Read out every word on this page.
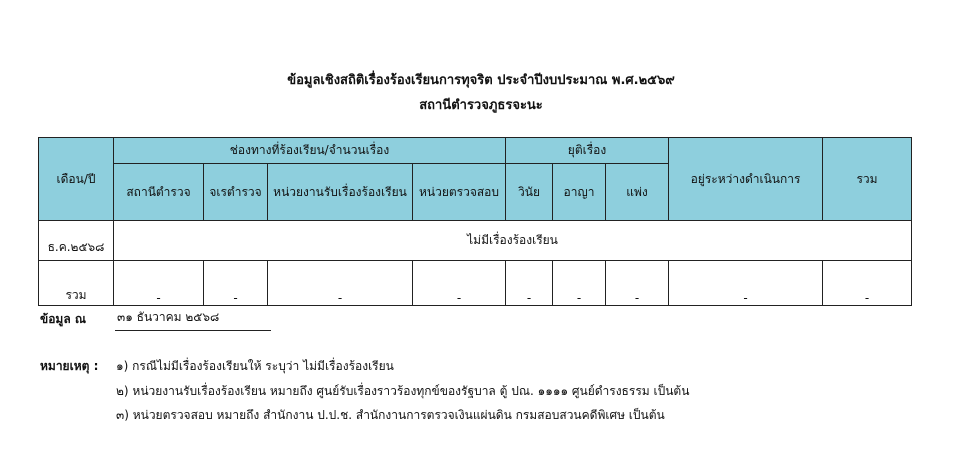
ข้อมูลเชิงสถิติเรื่องร้องเรียนการทุจริต ประจำปีงบประมาณ พ.ศ.๒๕๖๙
สถานีตำรวจภูธรจะนะ
เดือน/ปี	ช่องทางที่ร้องเรียน/จำนวนเรื่อง				ยุติเรื่อง			อยู่ระหว่างดำเนินการ	รวม
	สถานีตำรวจ	จเรตำรวจ	หน่วยงานรับเรื่องร้องเรียน	หน่วยตรวจสอบ	วินัย	อาญา	แพ่ง		
ธ.ค.๒๕๖๘	ไม่มีเรื่องร้องเรียน								
รวม	-	-	-	-	-	-	-	-	-
ข้อมูล ณ	๓๑ ธันวาคม ๒๕๖๘
หมายเหตุ : ๑) กรณีไม่มีเรื่องร้องเรียนให้ ระบุว่า ไม่มีเรื่องร้องเรียน
๒) หน่วยงานรับเรื่องร้องเรียน หมายถึง ศูนย์รับเรื่องราวร้องทุกข์ของรัฐบาล ตู้ ปณ. ๑๑๑๑ ศูนย์ดำรงธรรม เป็นต้น
๓) หน่วยตรวจสอบ หมายถึง สำนักงาน ป.ป.ช. สำนักงานการตรวจเงินแผ่นดิน กรมสอบสวนคดีพิเศษ เป็นต้น
